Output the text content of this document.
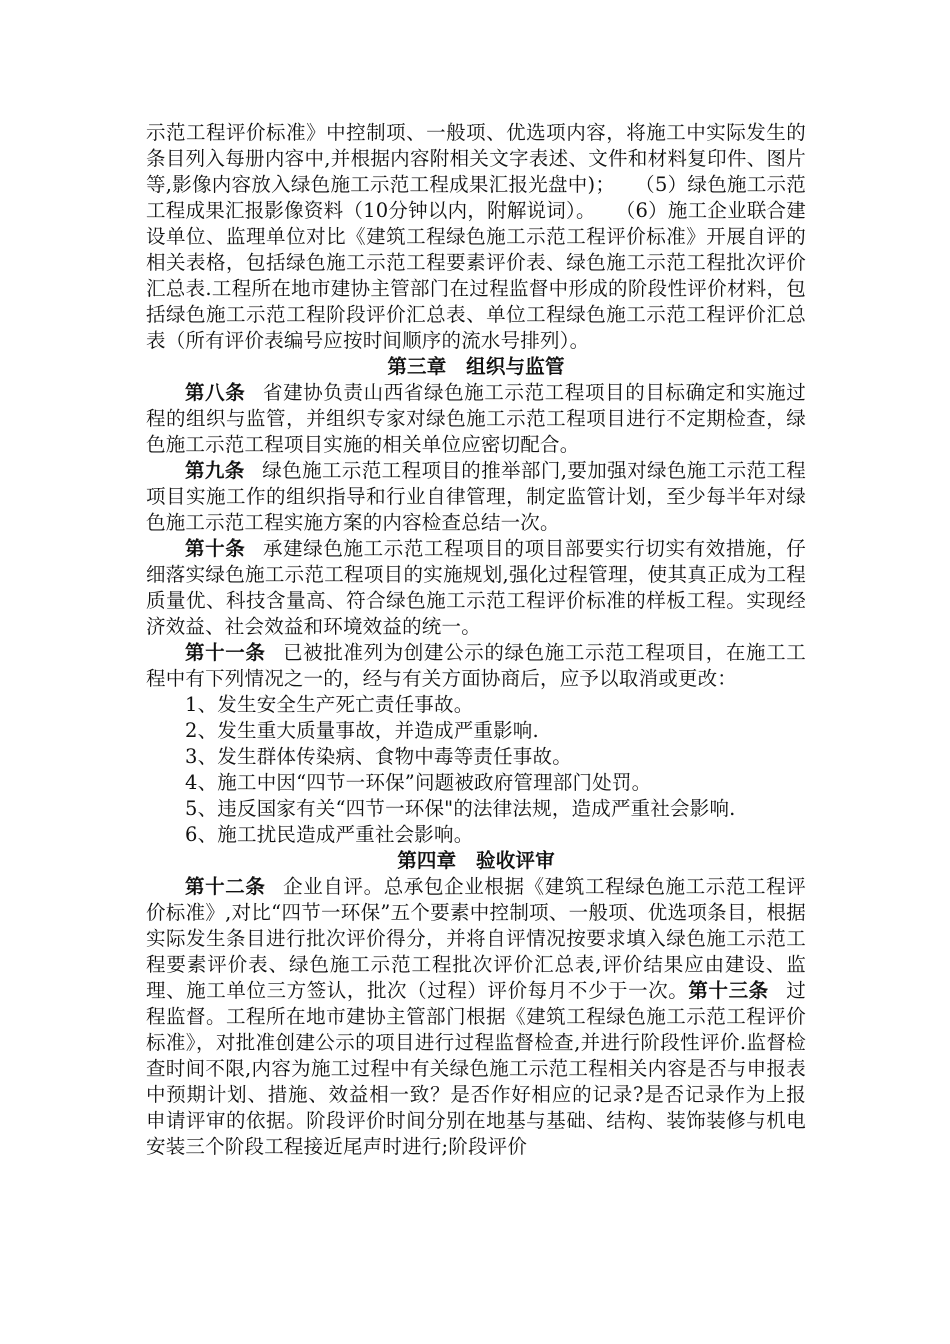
示范工程评价标准》中控制项、一般项、优选项内容，将施工中实际发生的条目列入每册内容中,并根据内容附相关文字表述、文件和材料复印件、图片等,影像内容放入绿色施工示范工程成果汇报光盘中)；　　（5）绿色施工示范工程成果汇报影像资料（10分钟以内，附解说词）。　　（6）施工企业联合建设单位、监理单位对比《建筑工程绿色施工示范工程评价标准》开展自评的相关表格，包括绿色施工示范工程要素评价表、绿色施工示范工程批次评价汇总表.工程所在地市建协主管部门在过程监督中形成的阶段性评价材料，包括绿色施工示范工程阶段评价汇总表、单位工程绿色施工示范工程评价汇总表（所有评价表编号应按时间顺序的流水号排列）。

第三章　组织与监管

第八条 省建协负责山西省绿色施工示范工程项目的目标确定和实施过程的组织与监管，并组织专家对绿色施工示范工程项目进行不定期检查，绿色施工示范工程项目实施的相关单位应密切配合。

第九条 绿色施工示范工程项目的推举部门,要加强对绿色施工示范工程项目实施工作的组织指导和行业自律管理，制定监管计划，至少每半年对绿色施工示范工程实施方案的内容检查总结一次。

第十条 承建绿色施工示范工程项目的项目部要实行切实有效措施，仔细落实绿色施工示范工程项目的实施规划,强化过程管理，使其真正成为工程质量优、科技含量高、符合绿色施工示范工程评价标准的样板工程。实现经济效益、社会效益和环境效益的统一。

第十一条 已被批准列为创建公示的绿色施工示范工程项目，在施工工程中有下列情况之一的，经与有关方面协商后，应予以取消或更改：

1、发生安全生产死亡责任事故。

2、发生重大质量事故，并造成严重影响.

3、发生群体传染病、食物中毒等责任事故。

4、施工中因“四节一环保”问题被政府管理部门处罚。

5、违反国家有关“四节一环保"的法律法规，造成严重社会影响.

6、施工扰民造成严重社会影响。

第四章　验收评审

第十二条 企业自评。总承包企业根据《建筑工程绿色施工示范工程评价标准》,对比“四节一环保”五个要素中控制项、一般项、优选项条目，根据实际发生条目进行批次评价得分，并将自评情况按要求填入绿色施工示范工程要素评价表、绿色施工示范工程批次评价汇总表,评价结果应由建设、监理、施工单位三方签认，批次（过程）评价每月不少于一次。第十三条 过程监督。工程所在地市建协主管部门根据《建筑工程绿色施工示范工程评价标准》，对批准创建公示的项目进行过程监督检查,并进行阶段性评价.监督检查时间不限,内容为施工过程中有关绿色施工示范工程相关内容是否与申报表中预期计划、措施、效益相一致？是否作好相应的记录?是否记录作为上报申请评审的依据。阶段评价时间分别在地基与基础、结构、装饰装修与机电安装三个阶段工程接近尾声时进行;阶段评价
